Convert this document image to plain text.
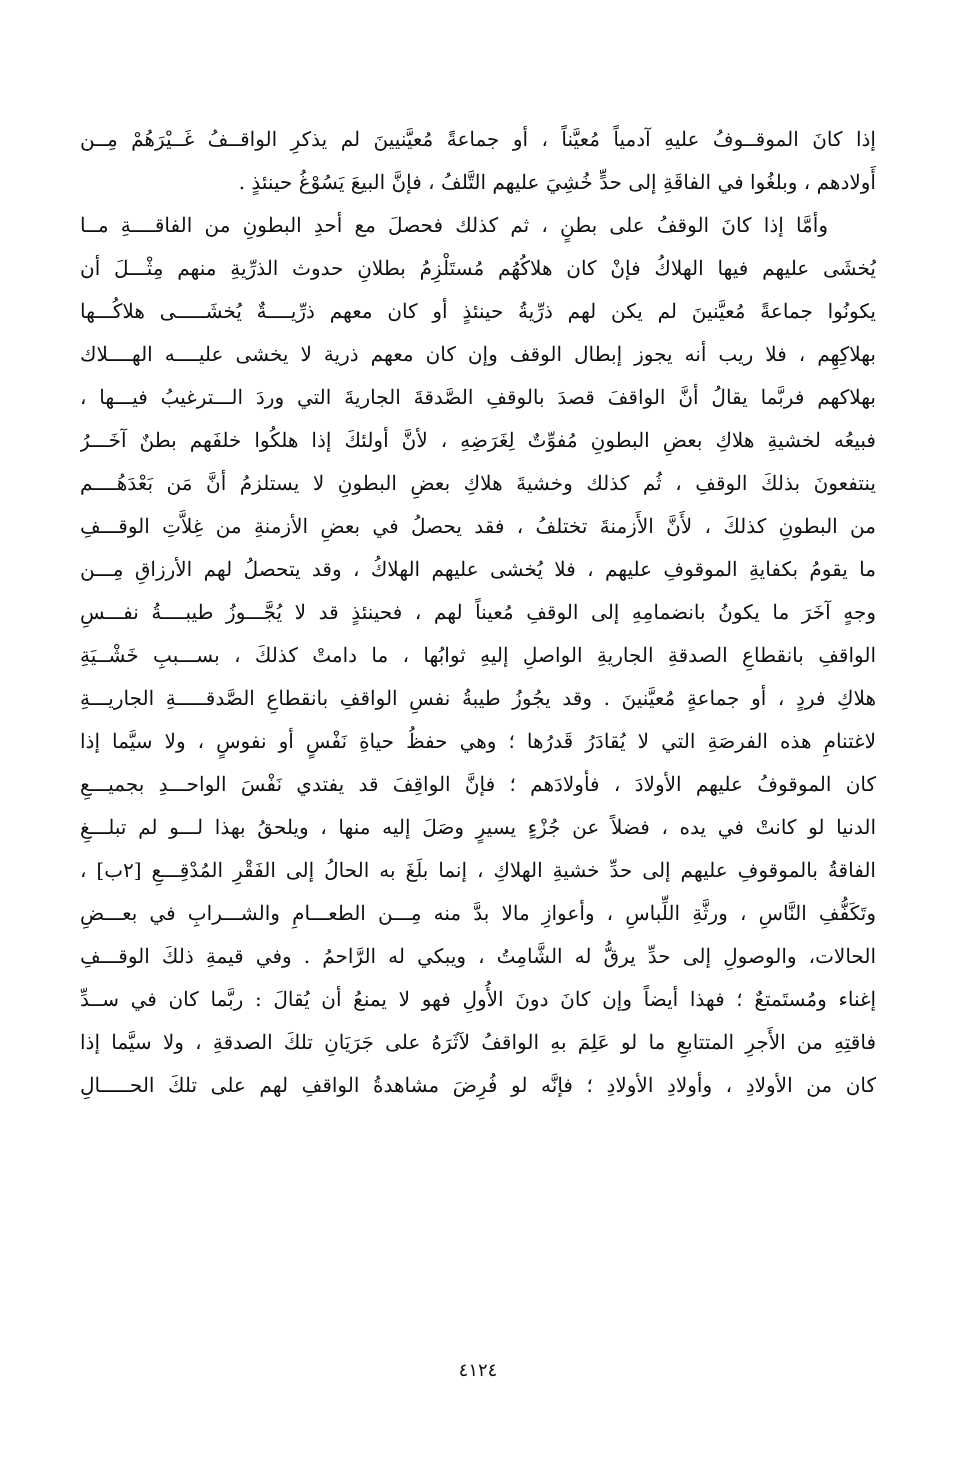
إذا كانَ الموقــوفُ عليهِ آدمياً مُعيَّناً ، أو جماعةً مُعيَّنيينَ لم يذكرِ الواقــفُ غَــيْرَهُمْ مِــن
أَولادهم ، وبلغُوا في الفاقَةِ إلى حدٍّ خُشِيَ عليهم التَّلفُ ، فإنَّ البيعَ يَسُوْغُ حينئذٍ .
وأمَّا إذا كانَ الوقفُ على بطنٍ ، ثم كذلك فحصلَ مع أحدِ البطونِ من الفاقــــةِ مــا
يُخشَى عليهم فيها الهلاكُ فإنْ كان هلاكُهُم مُستَلْزِمُ بطلانِ حدوث الذرِّيةِ منهم مِثْـــلَ أن
يكونُوا جماعةً مُعيَّنينَ لم يكن لهم ذرِّيةُ حينئذٍ أو كان معهم ذرِّيــــةٌ يُخشَـــــى هلاكُـــها
بهلاكِهِم ، فلا ريب أنه يجوز إبطال الوقف وإن كان معهم ذرية لا يخشى عليــــه الهــــلاك
بهلاكهم فربَّما يقالُ أنَّ الواقفَ قصدَ بالوقفِ الصَّدقةَ الجاريةَ التي وردَ الـــترغيبُ فيـــها ،
فبيعُه لخشيةِ هلاكِ بعضِ البطونِ مُفوِّتٌ لِغَرَضِهِ ، لأنَّ أولئكَ إذا هلكُوا خلفَهم بطنٌ آخَـــرُ
ينتفعونَ بذلكَ الوقفِ ، ثُم كذلك وخشيةَ هلاكِ بعضِ البطونِ لا يستلزمُ أنَّ مَن بَعْدَهُــــم
من البطونِ كذلكَ ، لأَنَّ الأَزمنةَ تختلفُ ، فقد يحصلُ في بعضِ الأزمنةِ من غِلاَّتِ الوقـــفِ
ما يقومُ بكفايةِ الموقوفِ عليهم ، فلا يُخشى عليهم الهلاكُ ، وقد يتحصلُ لهم الأرزاقِ مِـــن
وجهٍ آخَرَ ما يكونُ بانضمامِهِ إلى الوقفِ مُعيناً لهم ، فحينئذٍ قد لا يُجَّـــوزُ طيبــــةُ نفـــسِ
الواقفِ بانقطاعِ الصدقةِ الجاريةِ الواصلِ إليهِ ثوابُها ، ما دامتْ كذلكَ ، بســـببِ خَشْــيَةِ
هلاكِ فردٍ ، أو جماعةٍ مُعيَّنينَ . وقد يجُوزُ طيبةُ نفسِ الواقفِ بانقطاعِ الصَّدقـــــةِ الجاريـــةِ
لاغتنامِ هذه الفرصَةِ التي لا يُقادَرُ قَدرُها ؛ وهي حفظُ حياةِ نَفْسٍ أو نفوسٍ ، ولا سيَّما إذا
كان الموقوفُ عليهم الأولادَ ، فأولادَهم ؛ فإنَّ الواقِفَ قد يفتدي نَفْسَ الواحـــدِ بجميـــعِ
الدنيا لو كانتْ في يده ، فضلاً عن جُزْءٍ يسيرٍ وصَلَ إليه منها ، ويلحقُ بهذا لـــو لم تبلـــغِ
الفاقةُ بالموقوفِ عليهم إلى حدِّ خشيةِ الهلاكِ ، إنما بلَغَ به الحالُ إلى الفَقْرِ المُدْقِـــعِ [٢ب] ،
وتَكَفُّفِ النَّاسِ ، ورثَّةِ اللِّباسِ ، وأعوازِ مالا بدَّ منه مِـــن الطعـــامِ والشـــرابِ في بعـــضِ
الحالات، والوصولِ إلى حدِّ يرقُّ له الشَّامِتُ ، ويبكي له الرَّاحمُ . وفي قيمةِ ذلكَ الوقـــفِ
إغناء ومُستَمتعٌ ؛ فهذا أيضاً وإن كانَ دونَ الأُولِ فهو لا يمنعُ أن يُقالَ : ربَّما كان في ســدِّ
فاقتِهِ من الأَجرِ المتتابعِ ما لو عَلِمَ بهِ الواقفُ لآثَرَهُ على جَرَيَانِ تلكَ الصدقةِ ، ولا سيَّما إذا
كان من الأولادِ ، وأولادِ الأولادِ ؛ فإنَّه لو فُرِضَ مشاهدةُ الواقفِ لهم على تلكَ الحـــــالِ
٤١٢٤
